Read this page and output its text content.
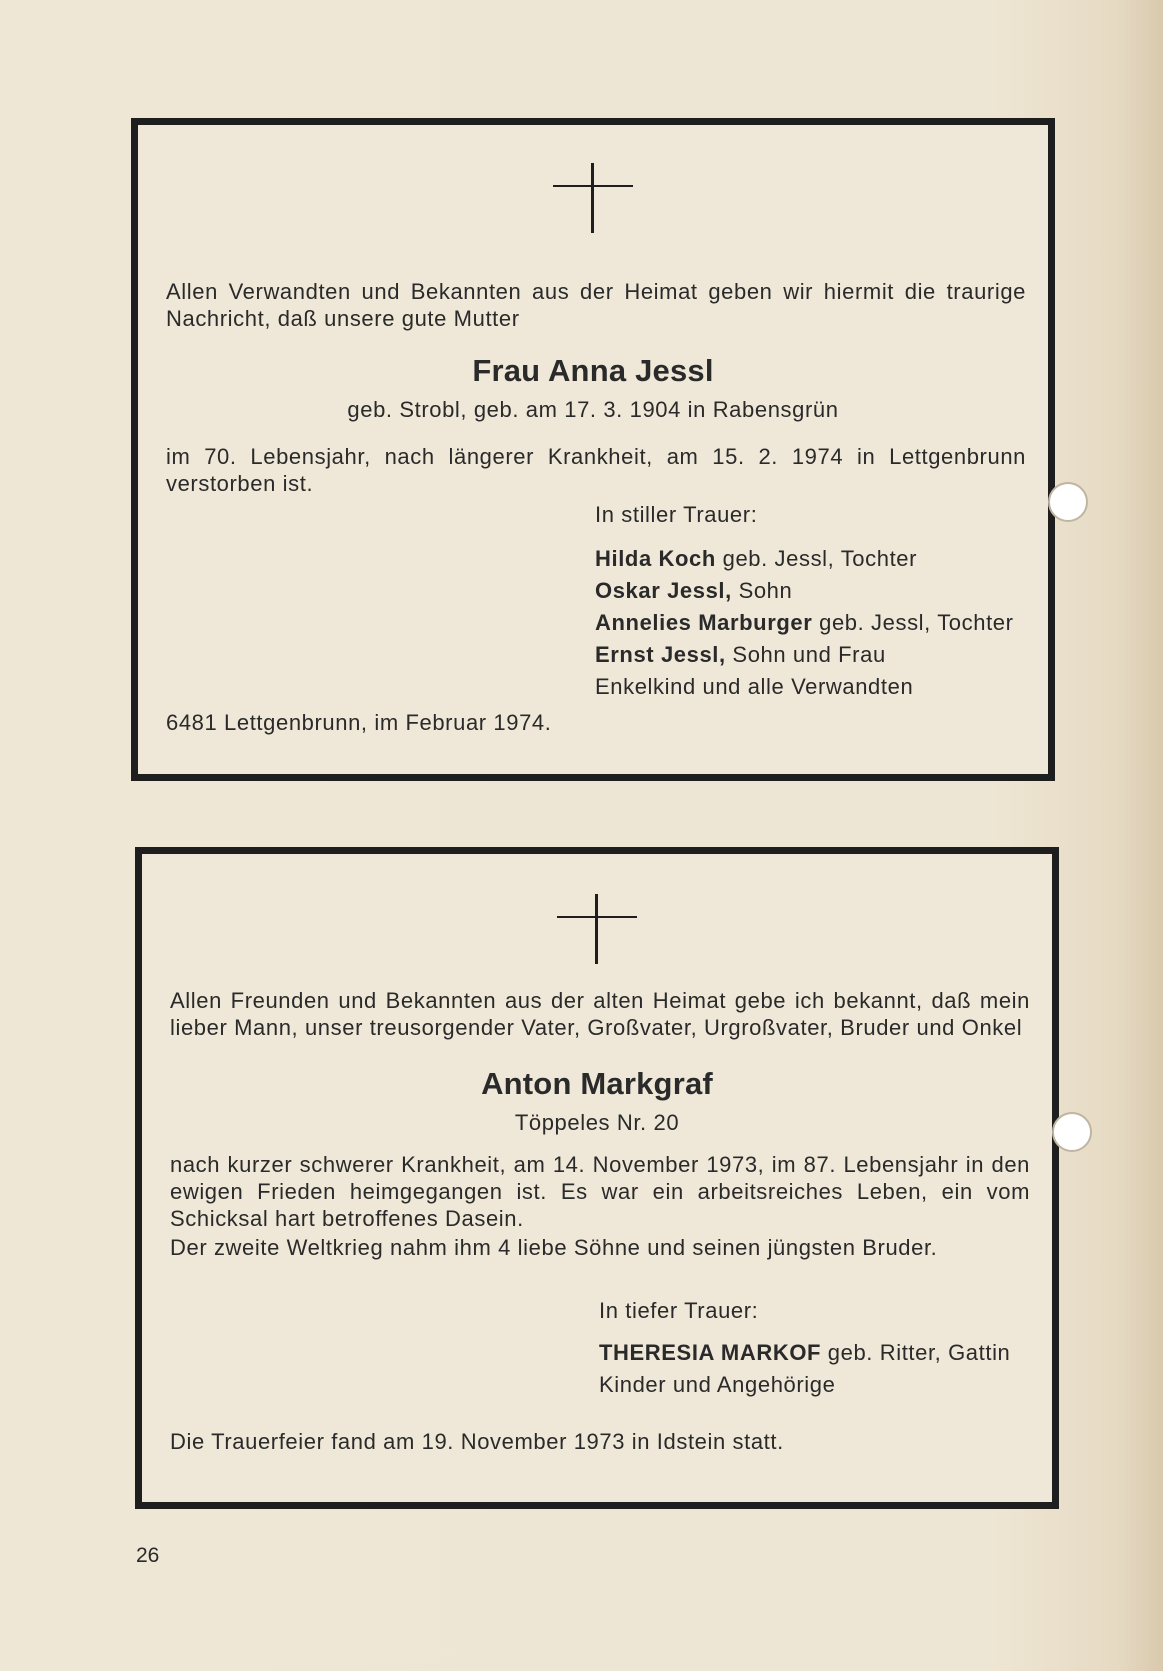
Allen Verwandten und Bekannten aus der Heimat geben wir hiermit die traurige Nachricht, daß unsere gute Mutter
Frau Anna Jessl
geb. Strobl, geb. am 17. 3. 1904 in Rabensgrün
im 70. Lebensjahr, nach längerer Krankheit, am 15. 2. 1974 in Lettgenbrunn verstorben ist.
In stiller Trauer:
Hilda Koch geb. Jessl, Tochter
Oskar Jessl, Sohn
Annelies Marburger geb. Jessl, Tochter
Ernst Jessl, Sohn und Frau
Enkelkind und alle Verwandten
6481 Lettgenbrunn, im Februar 1974.
Allen Freunden und Bekannten aus der alten Heimat gebe ich bekannt, daß mein lieber Mann, unser treusorgender Vater, Großvater, Urgroßvater, Bruder und Onkel
Anton Markgraf
Töppeles Nr. 20
nach kurzer schwerer Krankheit, am 14. November 1973, im 87. Lebensjahr in den ewigen Frieden heimgegangen ist. Es war ein arbeitsreiches Leben, ein vom Schicksal hart betroffenes Dasein.
Der zweite Weltkrieg nahm ihm 4 liebe Söhne und seinen jüngsten Bruder.
In tiefer Trauer:
THERESIA MARKOF geb. Ritter, Gattin
Kinder und Angehörige
Die Trauerfeier fand am 19. November 1973 in Idstein statt.
26
